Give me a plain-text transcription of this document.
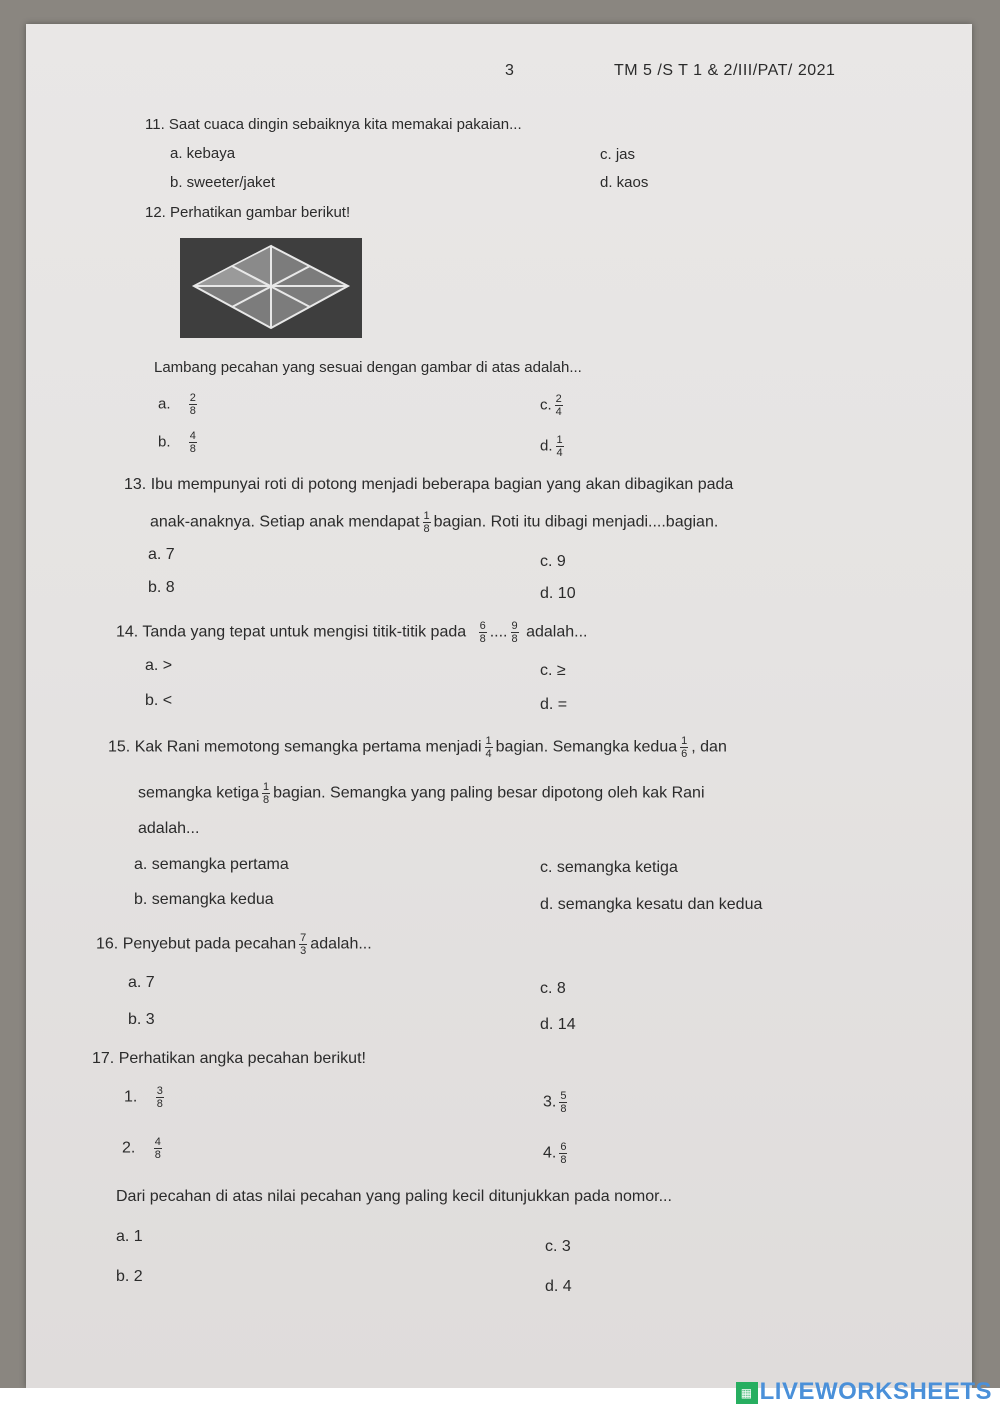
3	TM 5 /S T 1 & 2/III/PAT/ 2021
11. Saat cuaca dingin sebaiknya kita memakai pakaian...
a. kebaya
b. sweeter/jaket
c. jas
d. kaos
12. Perhatikan gambar berikut!
Lambang pecahan yang sesuai dengan gambar di atas adalah...
a. $\frac{2}{8}$
b. $\frac{4}{8}$
c. $\frac{2}{4}$
d. $\frac{1}{4}$
13. Ibu mempunyai roti di potong menjadi beberapa bagian yang akan dibagikan pada
anak-anaknya. Setiap anak mendapat $\frac{1}{8}$ bagian. Roti itu dibagi menjadi....bagian.
a. 7
b. 8
c. 9
d. 10
14. Tanda yang tepat untuk mengisi titik-titik pada $\frac{6}{8}$ .... $\frac{9}{8}$ adalah...
a. >
b. <
c. ≥
d. =
15. Kak Rani memotong semangka pertama menjadi $\frac{1}{4}$ bagian. Semangka kedua $\frac{1}{6}$ , dan
semangka ketiga $\frac{1}{8}$ bagian. Semangka yang paling besar dipotong oleh kak Rani
adalah...
a. semangka pertama
b. semangka kedua
c. semangka ketiga
d. semangka kesatu dan kedua
16. Penyebut pada pecahan $\frac{7}{3}$ adalah...
a. 7
b. 3
c. 8
d. 14
17. Perhatikan angka pecahan berikut!
1. $\frac{3}{8}$
2. $\frac{4}{8}$
3. $\frac{5}{8}$
4. $\frac{6}{8}$
Dari pecahan di atas nilai pecahan yang paling kecil ditunjukkan pada nomor...
a. 1
b. 2
c. 3
d. 4
▦ LIVEWORKSHEETS
